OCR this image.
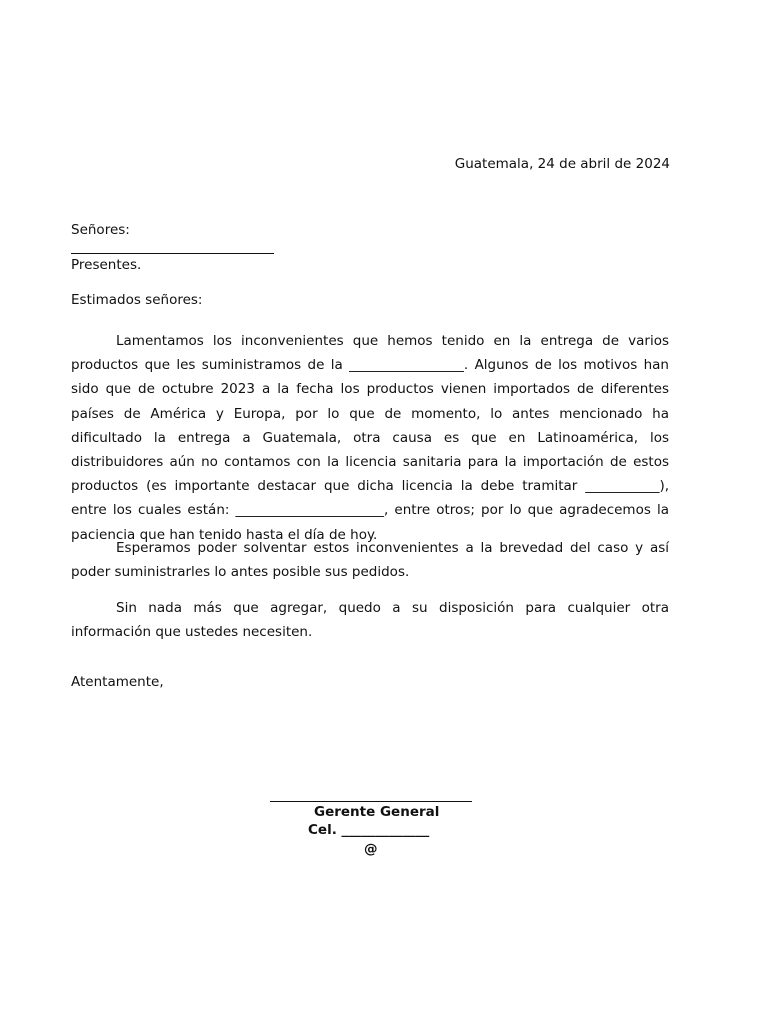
Guatemala, 24 de abril de 2024
Señores:
Presentes.
Estimados señores:

Lamentamos los inconvenientes que hemos tenido en la entrega de varios productos que les suministramos de la _________________. Algunos de los motivos han sido que de octubre 2023 a la fecha los productos vienen importados de diferentes países de América y Europa, por lo que de momento, lo antes mencionado ha dificultado la entrega a Guatemala, otra causa es que en Latinoamérica, los distribuidores aún no contamos con la licencia sanitaria para la importación de estos productos (es importante destacar que dicha licencia la debe tramitar ___________), entre los cuales están: ______________________, entre otros; por lo que agradecemos la paciencia que han tenido hasta el día de hoy.

Esperamos poder solventar estos inconvenientes a la brevedad del caso y así poder suministrarles lo antes posible sus pedidos.

Sin nada más que agregar, quedo a su disposición para cualquier otra información que ustedes necesiten.

Atentamente,
Gerente General
Cel. _____________
@
